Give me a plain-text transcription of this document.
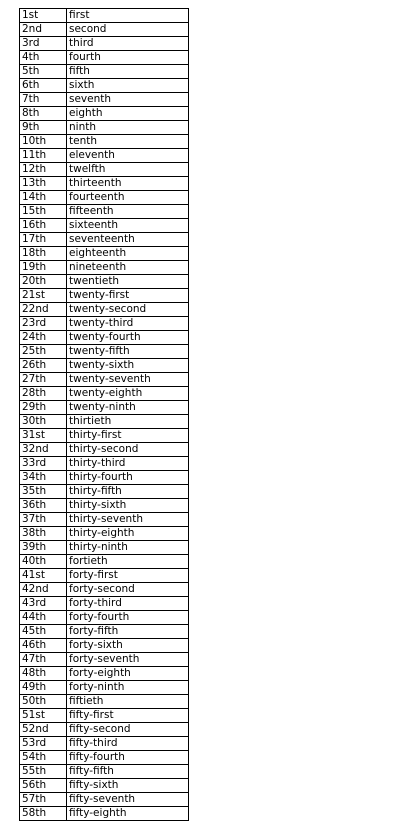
1st	first
2nd	second
3rd	third
4th	fourth
5th	fifth
6th	sixth
7th	seventh
8th	eighth
9th	ninth
10th	tenth
11th	eleventh
12th	twelfth
13th	thirteenth
14th	fourteenth
15th	fifteenth
16th	sixteenth
17th	seventeenth
18th	eighteenth
19th	nineteenth
20th	twentieth
21st	twenty-first
22nd	twenty-second
23rd	twenty-third
24th	twenty-fourth
25th	twenty-fifth
26th	twenty-sixth
27th	twenty-seventh
28th	twenty-eighth
29th	twenty-ninth
30th	thirtieth
31st	thirty-first
32nd	thirty-second
33rd	thirty-third
34th	thirty-fourth
35th	thirty-fifth
36th	thirty-sixth
37th	thirty-seventh
38th	thirty-eighth
39th	thirty-ninth
40th	fortieth
41st	forty-first
42nd	forty-second
43rd	forty-third
44th	forty-fourth
45th	forty-fifth
46th	forty-sixth
47th	forty-seventh
48th	forty-eighth
49th	forty-ninth
50th	fiftieth
51st	fifty-first
52nd	fifty-second
53rd	fifty-third
54th	fifty-fourth
55th	fifty-fifth
56th	fifty-sixth
57th	fifty-seventh
58th	fifty-eighth
